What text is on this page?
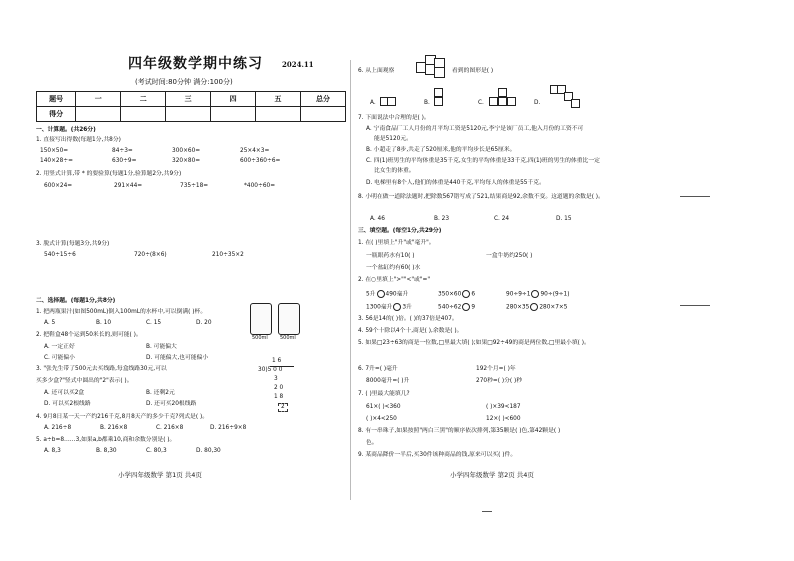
四年级数学期中练习	2024.11
(考试时间:80分钟 满分:100分)
题号	一	二	三	四	五	总分
得分						
一、计算题。(共26分)
1. 直接写出得数(每题1分,共8分)
150×50=	84÷3=	300×60=	25×4×3=
140×28÷=	630÷9=	320×80=	600÷360÷6=
2. 用竖式计算,带 * 的要验算(每题1分,验算题2分,共9分)
600×24=	291×44=	735÷18=	*400÷60=
3. 脱式计算(每题3分,共9分)
540÷15÷6	720÷(8×6)	210÷35×2
二、选择题。(每题1分,共8分)
1. 把两瓶果汁(如图500mL)倒入100mL的水杯中,可以倒满( )杯。
A. 5	B. 10	C. 15	D. 20
500ml 500ml
2. 把鞋盒48个运到50米长的,则可能( )。
A. 一定正好	B. 可能偏大
C. 可能偏小	D. 可能偏大,也可能偏小
3. "张先生带了500元去买线路,每盒线路30元,可以
买多少盒?"竖式中圆出的"2"表示( )。
A. 还可以买2盒	B. 还剩2元
D. 可以买2根线路	D. 还可买20根线路
1 6
30)5 0 0
3
2 0
1 8
2
4. 9月8日某一天一产约216千克,8月8天产的多少千克?列式是( )。
A. 216÷8	B. 216×8	C. 216×8	D. 216÷9×8
5. a÷b=8……3,如果a,b都乘10,商和余数分别是( )。
A. 8,3	B. 8,30	C. 80,3	D. 80,30
小学四年级数学 第1页 共4页
6. 从上面观察	看到的图形是( )
A.	B.	C.	D.
7. 下面说法中合理的是( )。
A. 宁南食品厂工人月份的月平均工资是5120元,李宁是该厂员工,他入月份的工资不可
能是5120元。
B. 小超走了8步,共走了520厘米,他的平均步长是65厘米。
C. 四(1)班男生的平均体重是35千克,女生的平均体重是33千克,四(1)班的男生的体重比一定
比女生的体重。
D. 电梯里有8个人,他们的体重是440千克,平均每人的体重是55千克。
8. 小明在做一道除法题时,把除数567错写成了521,结果商是92,余数不变。这道题的余数是( )。
A. 46	B. 23	C. 24	D. 15
三、填空题。(每空1分,共29分)
1. 在( )里填上"升"或"毫升"。
一瓶眼药水有10( )	一盒牛奶约250( )
一个盆缸约有60( )水
2. 在○里填上">""<"或"="
5升 490毫升	350×60 6	90÷9÷1 90÷(9÷1)
1300毫升 3升	540÷62 9	280×35 280×7×5
3. 56是14的( )倍。( )的37倍是407。
4. 59个十除以4个十,商是( ),余数是( )。
5. 如果□23÷63的商是一位数,□里最大填( );如果□92÷49的商是两位数,□里最小填( )。
6. 7升=( )毫升	192个月=( )年
8000毫升=( )升	270秒=( )分( )秒
7. ( )里最大能填几?
61×( )<360	( )×39<187
( )×4<250	12×( )<600
8. 有一串珠子,如果按照"两白三黑"的顺序依次排列,第35颗是( )色,第42颗是( )
色。
9. 某商品降价一半后,买30件该种商品的钱,原来可以买( )件。
小学四年级数学 第2页 共4页
